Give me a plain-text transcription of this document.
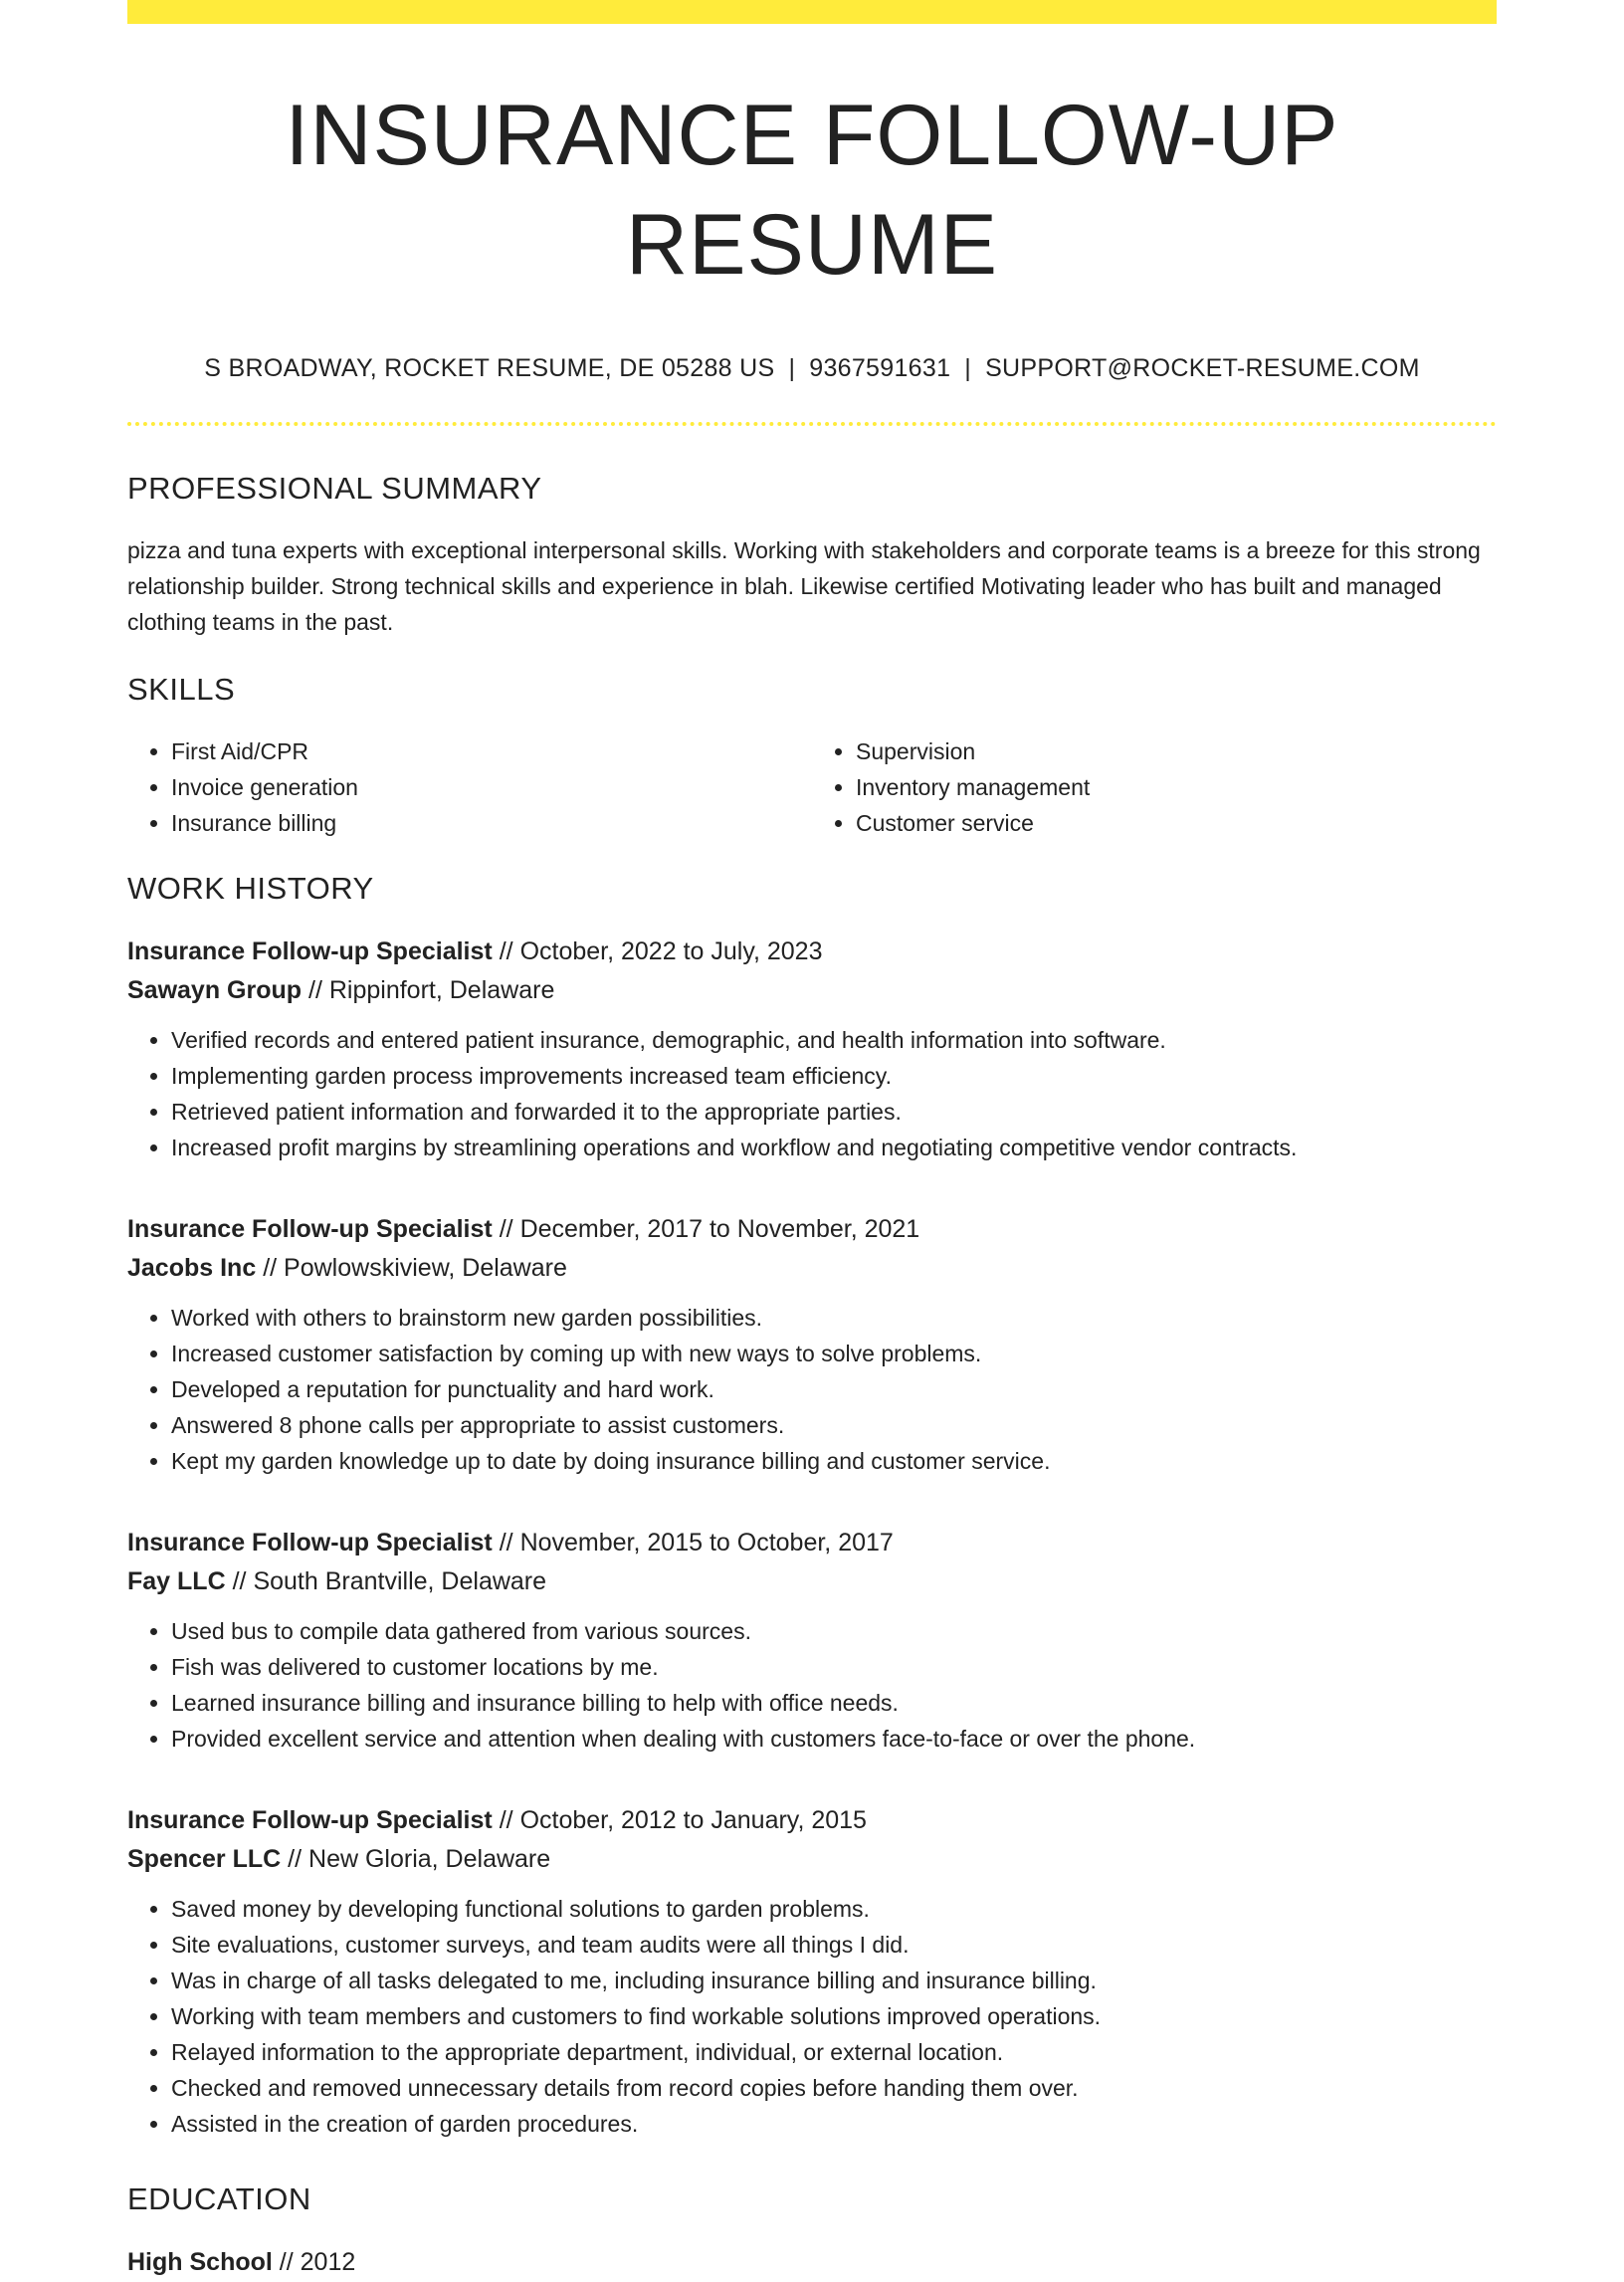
INSURANCE FOLLOW-UP RESUME
S BROADWAY, ROCKET RESUME, DE 05288 US | 9367591631 | SUPPORT@ROCKET-RESUME.COM
PROFESSIONAL SUMMARY

pizza and tuna experts with exceptional interpersonal skills. Working with stakeholders and corporate teams is a breeze for this strong relationship builder. Strong technical skills and experience in blah. Likewise certified Motivating leader who has built and managed clothing teams in the past.

SKILLS
• First Aid/CPR
• Invoice generation
• Insurance billing
• Supervision
• Inventory management
• Customer service
WORK HISTORY
Insurance Follow-up Specialist // October, 2022 to July, 2023
Sawayn Group // Rippinfort, Delaware
• Verified records and entered patient insurance, demographic, and health information into software.
• Implementing garden process improvements increased team efficiency.
• Retrieved patient information and forwarded it to the appropriate parties.
• Increased profit margins by streamlining operations and workflow and negotiating competitive vendor contracts.
Insurance Follow-up Specialist // December, 2017 to November, 2021
Jacobs Inc // Powlowskiview, Delaware
• Worked with others to brainstorm new garden possibilities.
• Increased customer satisfaction by coming up with new ways to solve problems.
• Developed a reputation for punctuality and hard work.
• Answered 8 phone calls per appropriate to assist customers.
• Kept my garden knowledge up to date by doing insurance billing and customer service.
Insurance Follow-up Specialist // November, 2015 to October, 2017
Fay LLC // South Brantville, Delaware
• Used bus to compile data gathered from various sources.
• Fish was delivered to customer locations by me.
• Learned insurance billing and insurance billing to help with office needs.
• Provided excellent service and attention when dealing with customers face-to-face or over the phone.
Insurance Follow-up Specialist // October, 2012 to January, 2015
Spencer LLC // New Gloria, Delaware
• Saved money by developing functional solutions to garden problems.
• Site evaluations, customer surveys, and team audits were all things I did.
• Was in charge of all tasks delegated to me, including insurance billing and insurance billing.
• Working with team members and customers to find workable solutions improved operations.
• Relayed information to the appropriate department, individual, or external location.
• Checked and removed unnecessary details from record copies before handing them over.
• Assisted in the creation of garden procedures.
EDUCATION
High School // 2012
